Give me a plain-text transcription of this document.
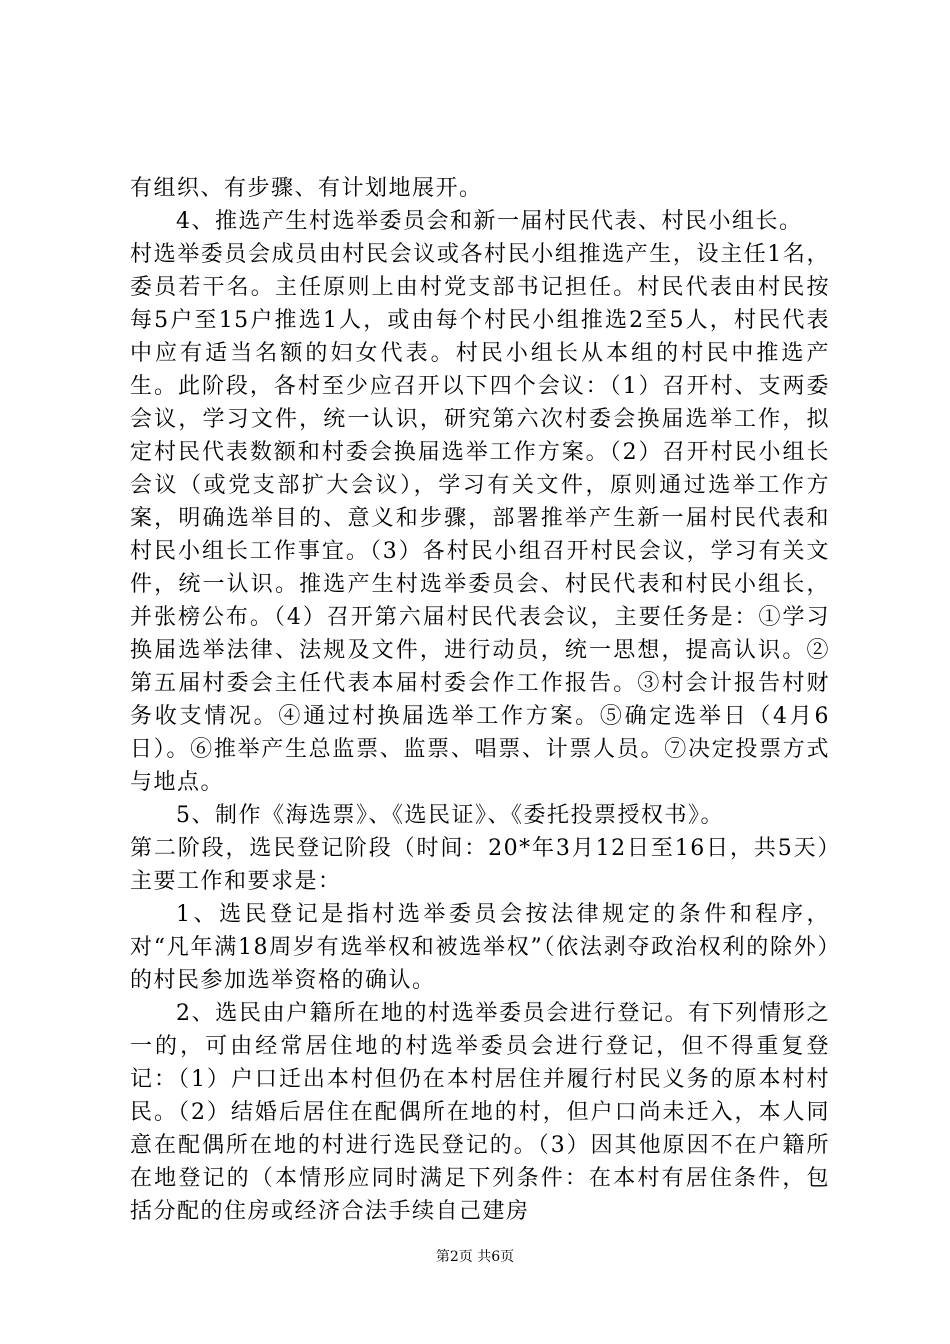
有组织、有步骤、有计划地展开。

4、推选产生村选举委员会和新一届村民代表、村民小组长。

村选举委员会成员由村民会议或各村民小组推选产生，设主任1名，委员若干名。主任原则上由村党支部书记担任。村民代表由村民按每5户至15户推选1人，或由每个村民小组推选2至5人，村民代表中应有适当名额的妇女代表。村民小组长从本组的村民中推选产生。此阶段，各村至少应召开以下四个会议：（1）召开村、支两委会议，学习文件，统一认识，研究第六次村委会换届选举工作，拟定村民代表数额和村委会换届选举工作方案。（2）召开村民小组长会议（或党支部扩大会议），学习有关文件，原则通过选举工作方案，明确选举目的、意义和步骤，部署推举产生新一届村民代表和村民小组长工作事宜。（3）各村民小组召开村民会议，学习有关文件，统一认识。推选产生村选举委员会、村民代表和村民小组长，并张榜公布。（4）召开第六届村民代表会议，主要任务是：①学习换届选举法律、法规及文件，进行动员，统一思想，提高认识。②第五届村委会主任代表本届村委会作工作报告。③村会计报告村财务收支情况。④通过村换届选举工作方案。⑤确定选举日（4月6日）。⑥推举产生总监票、监票、唱票、计票人员。⑦决定投票方式与地点。

5、制作《海选票》、《选民证》、《委托投票授权书》。

第二阶段，选民登记阶段（时间：20*年3月12日至16日，共5天）主要工作和要求是：

1、选民登记是指村选举委员会按法律规定的条件和程序，对“凡年满18周岁有选举权和被选举权”（依法剥夺政治权利的除外）的村民参加选举资格的确认。

2、选民由户籍所在地的村选举委员会进行登记。有下列情形之一的，可由经常居住地的村选举委员会进行登记，但不得重复登记：（1）户口迁出本村但仍在本村居住并履行村民义务的原本村村民。（2）结婚后居住在配偶所在地的村，但户口尚未迁入，本人同意在配偶所在地的村进行选民登记的。（3）因其他原因不在户籍所在地登记的（本情形应同时满足下列条件：在本村有居住条件，包括分配的住房或经济合法手续自己建房

第2页 共6页
